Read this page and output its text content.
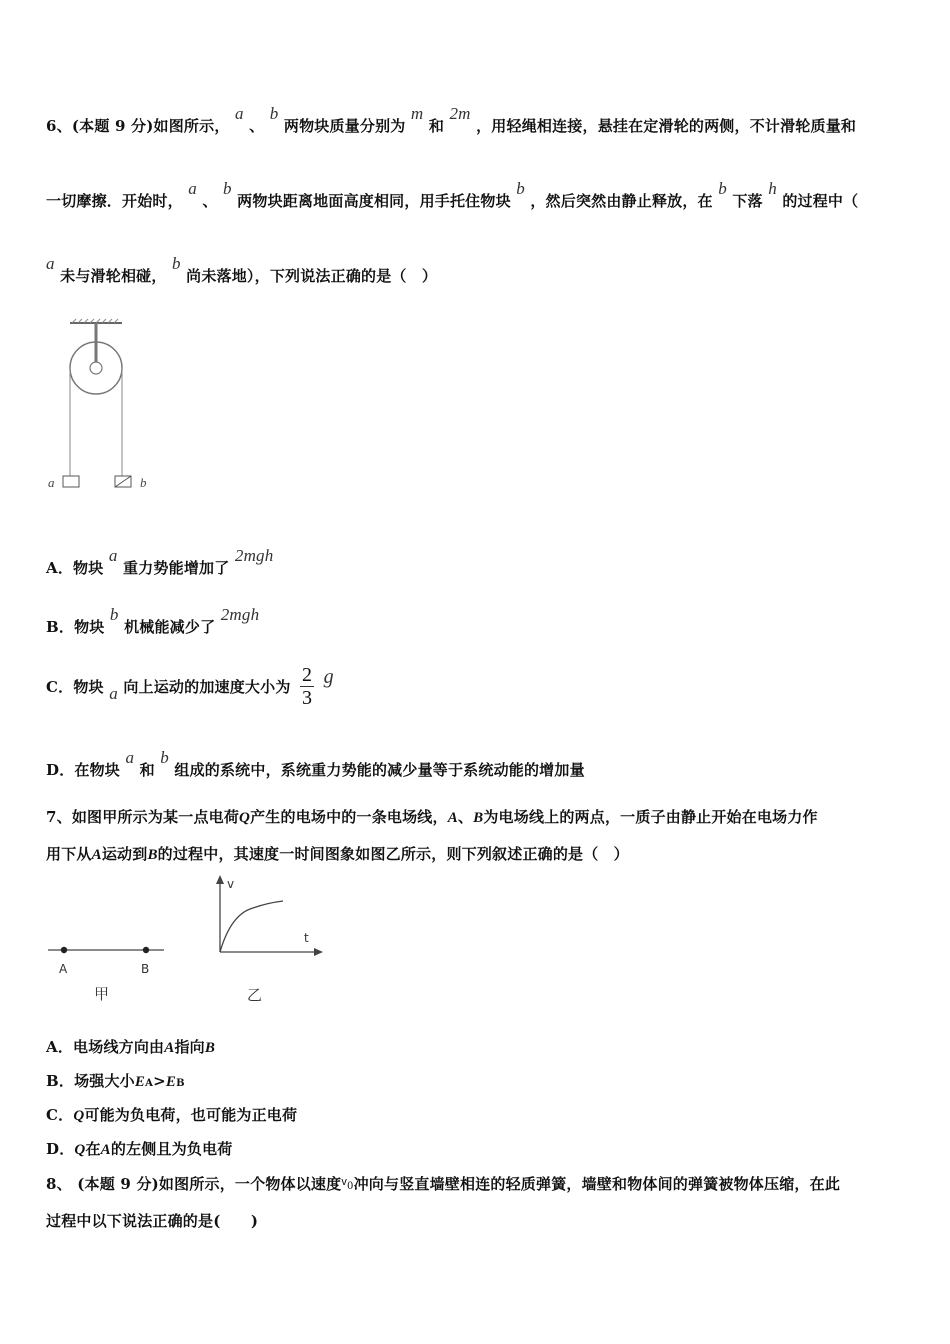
6、(本题 9 分)如图所示， a 、 b 两物块质量分别为 m 和 2m ，用轻绳相连接，悬挂在定滑轮的两侧，不计滑轮质量和
一切摩擦．开始时， a 、 b 两物块距离地面高度相同，用手托住物块 b ，然后突然由静止释放，在 b 下落 h 的过程中（
a 未与滑轮相碰， b 尚未落地），下列说法正确的是（　）
a	b
A．物块 a 重力势能增加了 2mgh
B．物块 b 机械能减少了 2mgh
C．物块 a 向上运动的加速度大小为 $\frac{2}{3}$ g
D．在物块 a 和 b 组成的系统中，系统重力势能的减少量等于系统动能的增加量
7、如图甲所示为某一点电荷Q产生的电场中的一条电场线，A、B为电场线上的两点，一质子由静止开始在电场力作
用下从A运动到B的过程中，其速度一时间图象如图乙所示，则下列叙述正确的是（　）
A	B
甲
v
t
乙
A．电场线方向由A指向B
B．场强大小EA>EB
C．Q可能为负电荷，也可能为正电荷
D．Q在A的左侧且为负电荷
8、 (本题 9 分)如图所示，一个物体以速度$^v$0冲向与竖直墙壁相连的轻质弹簧，墙壁和物体间的弹簧被物体压缩，在此
过程中以下说法正确的是(　　)
